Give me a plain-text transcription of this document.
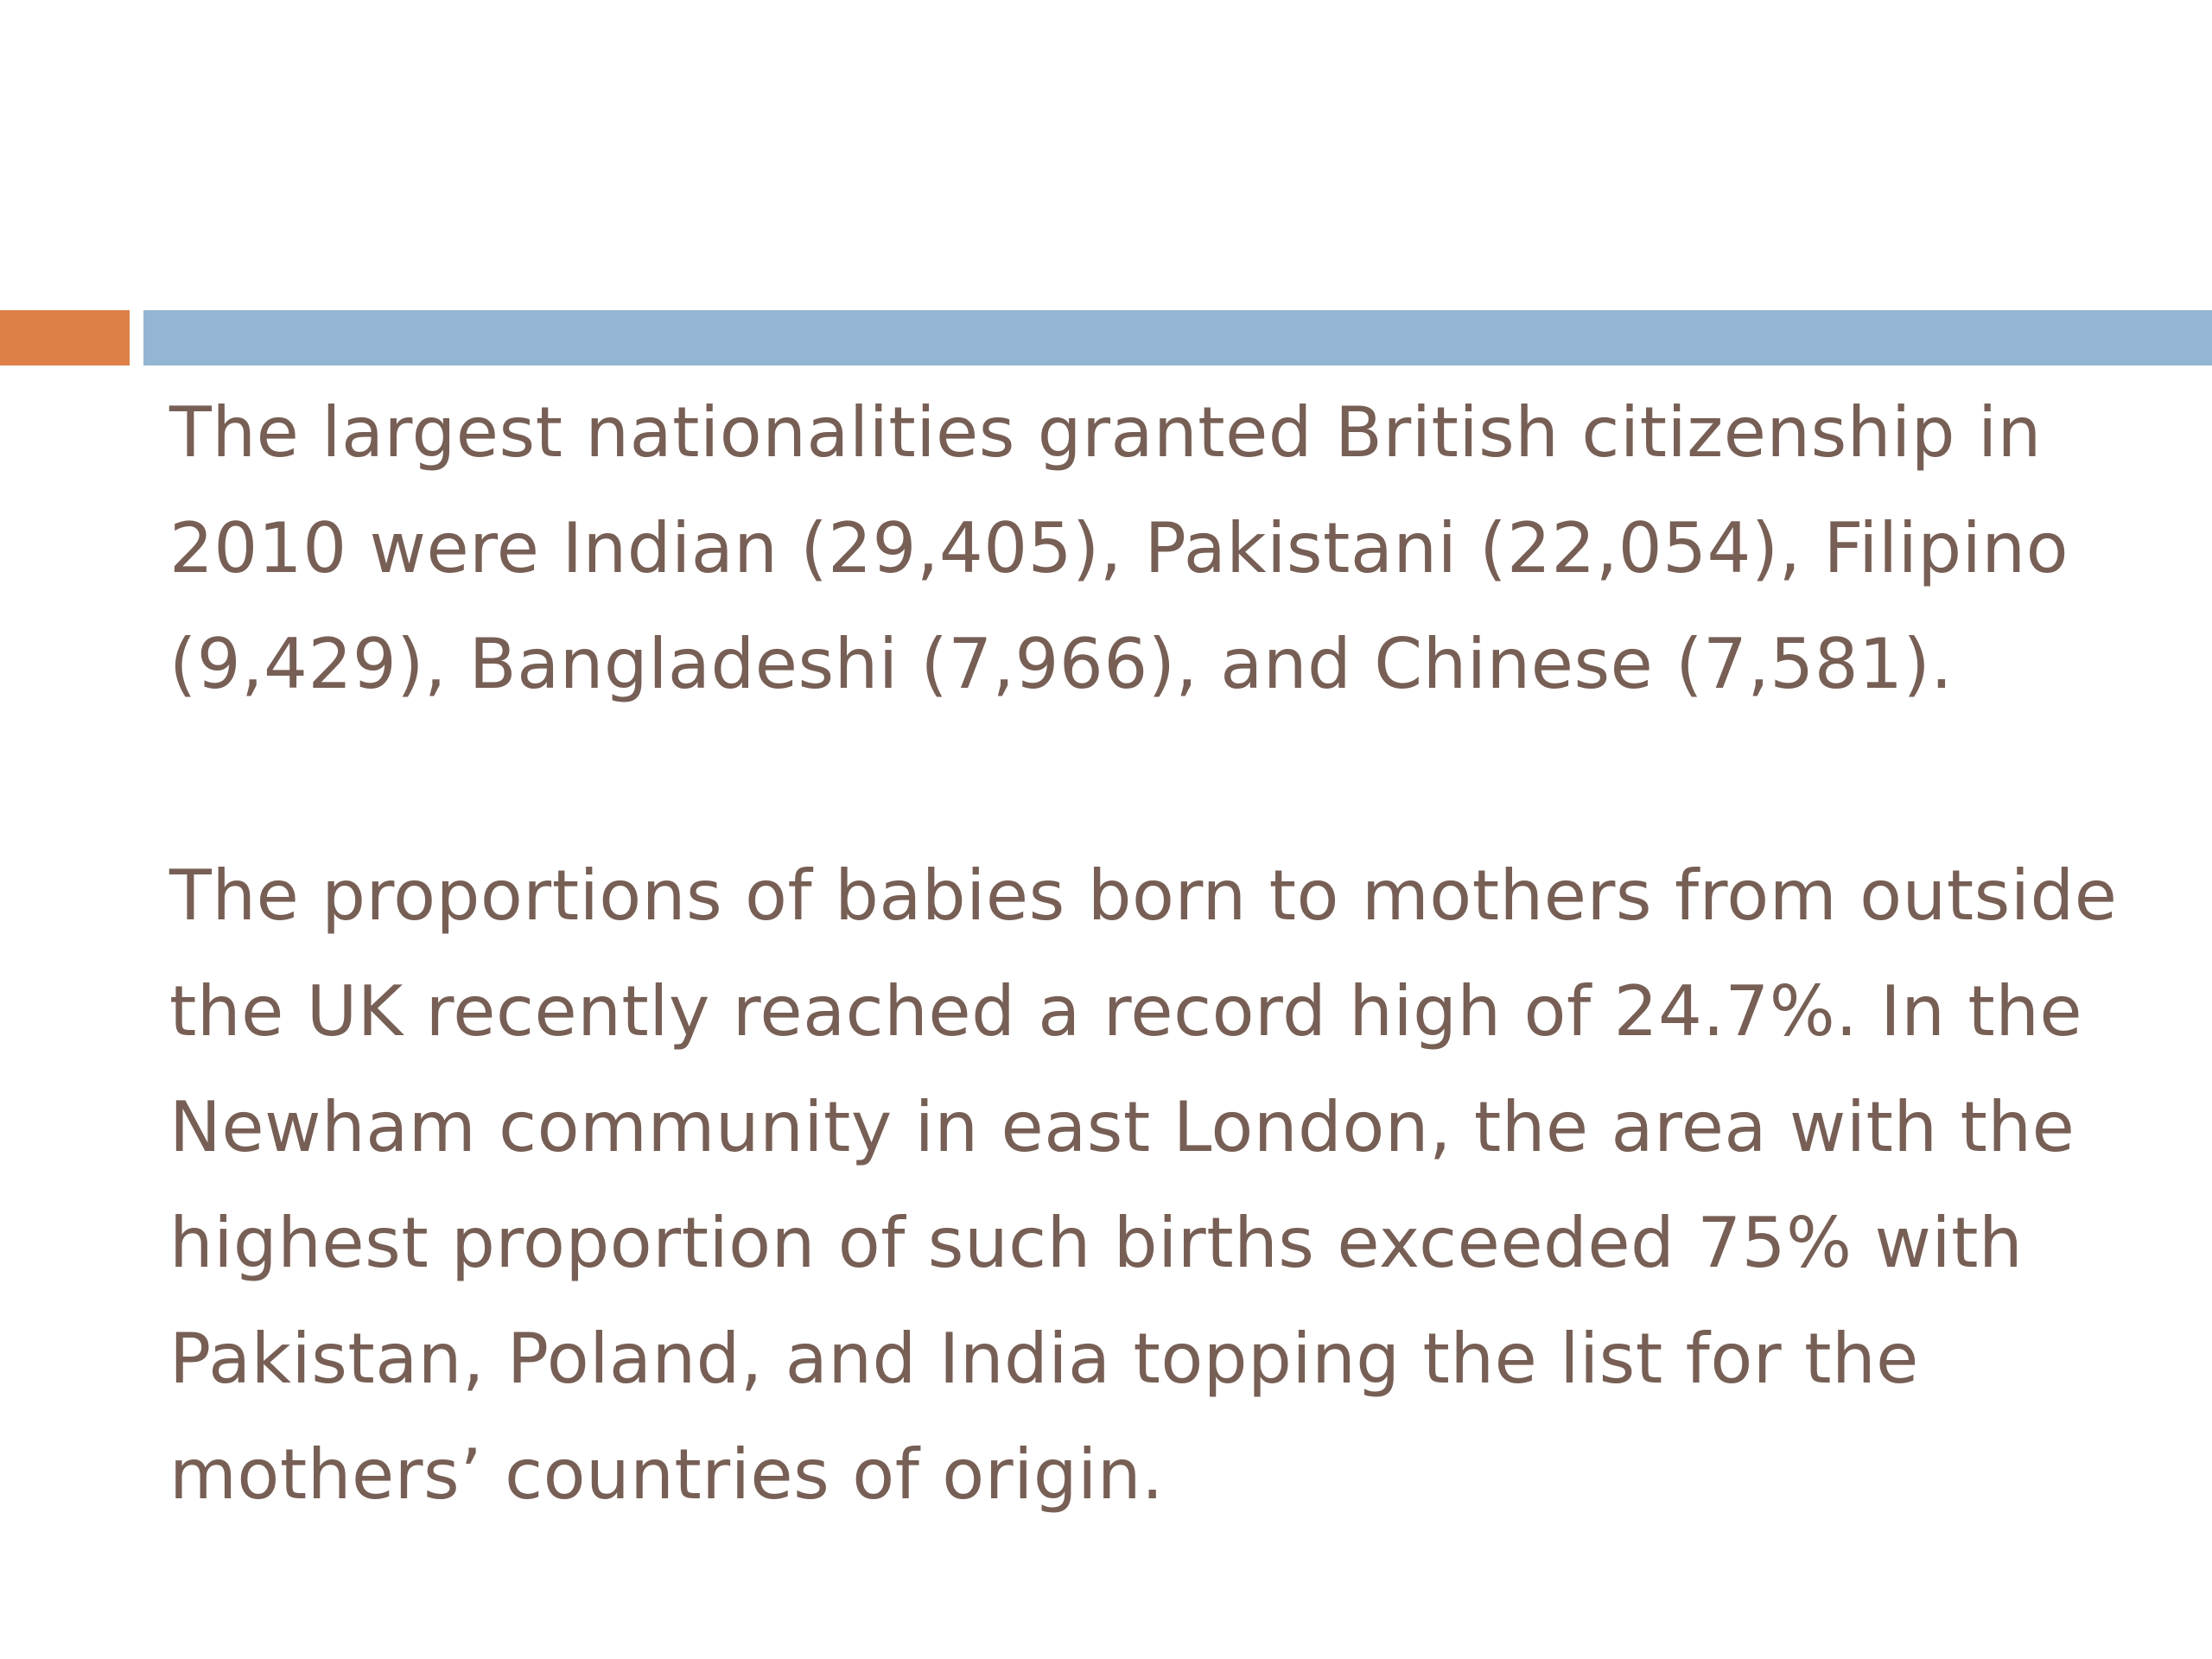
The largest nationalities granted British citizenship in 2010 were Indian (29,405), Pakistani (22,054), Filipino (9,429), Bangladeshi (7,966), and Chinese (7,581).

The proportions of babies born to mothers from outside the UK recently reached a record high of 24.7%. In the Newham community in east London, the area with the highest proportion of such births exceeded 75% with Pakistan, Poland, and India topping the list for the mothers’ countries of origin.
